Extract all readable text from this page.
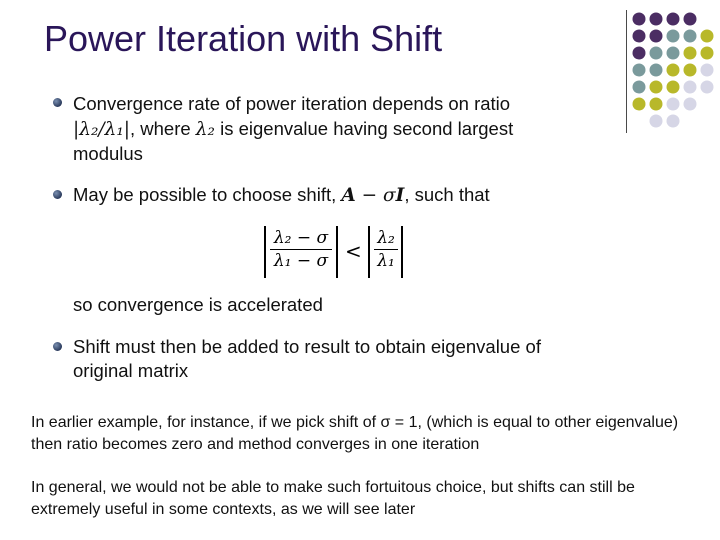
Power Iteration with Shift
Convergence rate of power iteration depends on ratio
|λ₂/λ₁|, where λ₂ is eigenvalue having second largest
modulus
May be possible to choose shift, A − σI, such that
λ₂ − σ
λ₁ − σ <
λ₂
λ₁
so convergence is accelerated
Shift must then be added to result to obtain eigenvalue of
original matrix
In earlier example, for instance, if we pick shift of σ = 1, (which is equal to other eigenvalue) then ratio becomes zero and method converges in one iteration
In general, we would not be able to make such fortuitous choice, but shifts can still be extremely useful in some contexts, as we will see later
